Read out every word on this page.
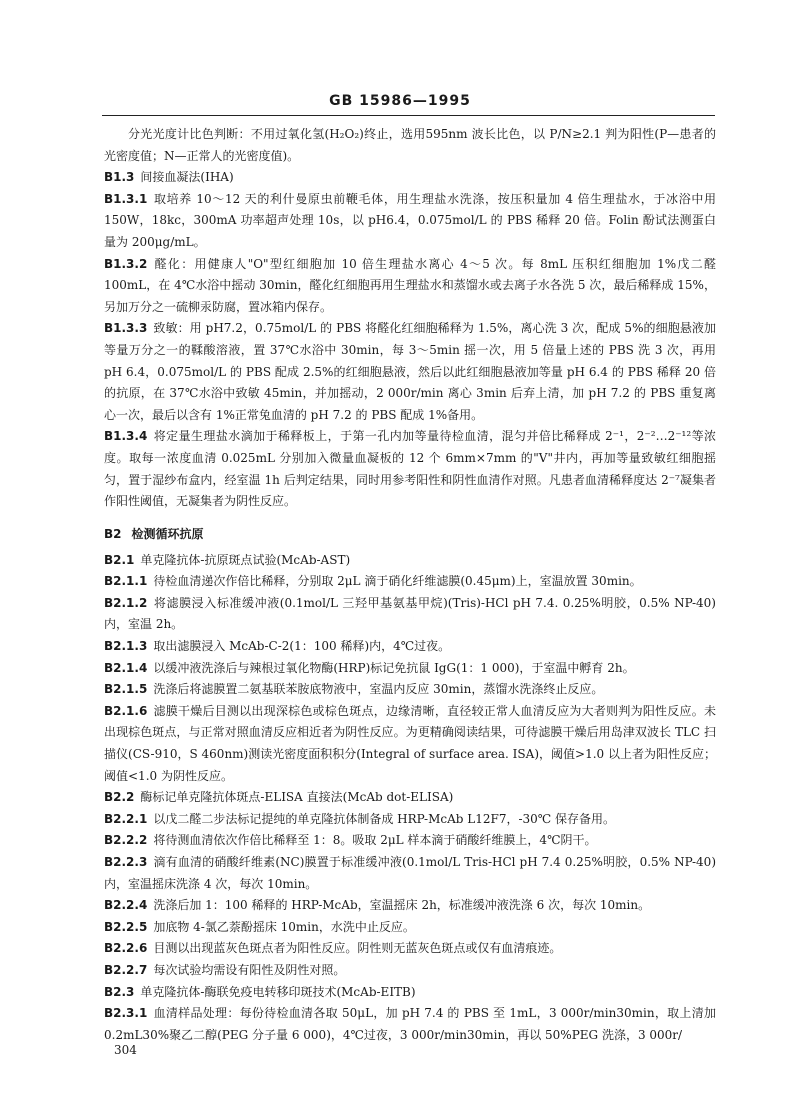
GB 15986—1995

分光光度计比色判断：不用过氧化氢(H₂O₂)终止，选用595nm 波长比色，以 P/N≥2.1 判为阳性(P—患者的光密度值；N—正常人的光密度值)。

B1.3 间接血凝法(IHA)

B1.3.1 取培养 10～12 天的利什曼原虫前鞭毛体，用生理盐水洗涤，按压积量加 4 倍生理盐水，于冰浴中用 150W，18kc，300mA 功率超声处理 10s，以 pH6.4，0.075mol/L 的 PBS 稀释 20 倍。Folin 酚试法测蛋白量为 200μg/mL。

B1.3.2 醛化：用健康人"O"型红细胞加 10 倍生理盐水离心 4～5 次。每 8mL 压积红细胞加 1%戊二醛 100mL，在 4℃水浴中摇动 30min，醛化红细胞再用生理盐水和蒸馏水或去离子水各洗 5 次，最后稀释成 15%，另加万分之一硫柳汞防腐，置冰箱内保存。

B1.3.3 致敏：用 pH7.2，0.75mol/L 的 PBS 将醛化红细胞稀释为 1.5%，离心洗 3 次，配成 5%的细胞悬液加等量万分之一的鞣酸溶液，置 37℃水浴中 30min，每 3～5min 摇一次，用 5 倍量上述的 PBS 洗 3 次，再用 pH 6.4，0.075mol/L 的 PBS 配成 2.5%的红细胞悬液，然后以此红细胞悬液加等量 pH 6.4 的 PBS 稀释 20 倍的抗原，在 37℃水浴中致敏 45min，并加摇动，2 000r/min 离心 3min 后弃上清，加 pH 7.2 的 PBS 重复离心一次，最后以含有 1%正常兔血清的 pH 7.2 的 PBS 配成 1%备用。

B1.3.4 将定量生理盐水滴加于稀释板上，于第一孔内加等量待检血清，混匀并倍比稀释成 2⁻¹，2⁻²…2⁻¹²等浓度。取每一浓度血清 0.025mL 分别加入微量血凝板的 12 个 6mm×7mm 的"V"井内，再加等量致敏红细胞摇匀，置于湿纱布盒内，经室温 1h 后判定结果，同时用参考阳性和阴性血清作对照。凡患者血清稀释度达 2⁻⁷凝集者作阳性阈值，无凝集者为阴性反应。

B2 检测循环抗原

B2.1 单克隆抗体-抗原斑点试验(McAb-AST)

B2.1.1 待检血清递次作倍比稀释，分别取 2μL 滴于硝化纤维滤膜(0.45μm)上，室温放置 30min。

B2.1.2 将滤膜浸入标准缓冲液(0.1mol/L 三羟甲基氨基甲烷)(Tris)-HCl pH 7.4. 0.25%明胶，0.5% NP-40)内，室温 2h。

B2.1.3 取出滤膜浸入 McAb-C-2(1：100 稀释)内，4℃过夜。

B2.1.4 以缓冲液洗涤后与辣根过氧化物酶(HRP)标记免抗鼠 IgG(1：1 000)，于室温中孵育 2h。

B2.1.5 洗涤后将滤膜置二氨基联苯胺底物液中，室温内反应 30min，蒸馏水洗涤终止反应。

B2.1.6 滤膜干燥后目测以出现深棕色或棕色斑点，边缘清晰，直径较正常人血清反应为大者则判为阳性反应。未出现棕色斑点，与正常对照血清反应相近者为阴性反应。为更精确阅读结果，可待滤膜干燥后用岛津双波长 TLC 扫描仪(CS-910，S 460nm)测读光密度面积积分(Integral of surface area. ISA)，阈值>1.0 以上者为阳性反应；阈值<1.0 为阴性反应。

B2.2 酶标记单克隆抗体斑点-ELISA 直接法(McAb dot-ELISA)

B2.2.1 以戊二醛二步法标记提纯的单克隆抗体制备成 HRP-McAb L12F7，-30℃ 保存备用。

B2.2.2 将待测血清依次作倍比稀释至 1：8。吸取 2μL 样本滴于硝酸纤维膜上，4℃阴干。

B2.2.3 滴有血清的硝酸纤维素(NC)膜置于标准缓冲液(0.1mol/L Tris-HCl pH 7.4 0.25%明胶，0.5% NP-40)内，室温摇床洗涤 4 次，每次 10min。

B2.2.4 洗涤后加 1：100 稀释的 HRP-McAb，室温摇床 2h，标准缓冲液洗涤 6 次，每次 10min。

B2.2.5 加底物 4-氯乙萘酚摇床 10min，水洗中止反应。

B2.2.6 目测以出现蓝灰色斑点者为阳性反应。阴性则无蓝灰色斑点或仅有血清痕迹。

B2.2.7 每次试验均需设有阳性及阴性对照。

B2.3 单克隆抗体-酶联免疫电转移印斑技术(McAb-EITB)

B2.3.1 血清样品处理：每份待检血清各取 50μL，加 pH 7.4 的 PBS 至 1mL，3 000r/min30min，取上清加 0.2mL30%聚乙二醇(PEG 分子量 6 000)，4℃过夜，3 000r/min30min，再以 50%PEG 洗涤，3 000r/

304
